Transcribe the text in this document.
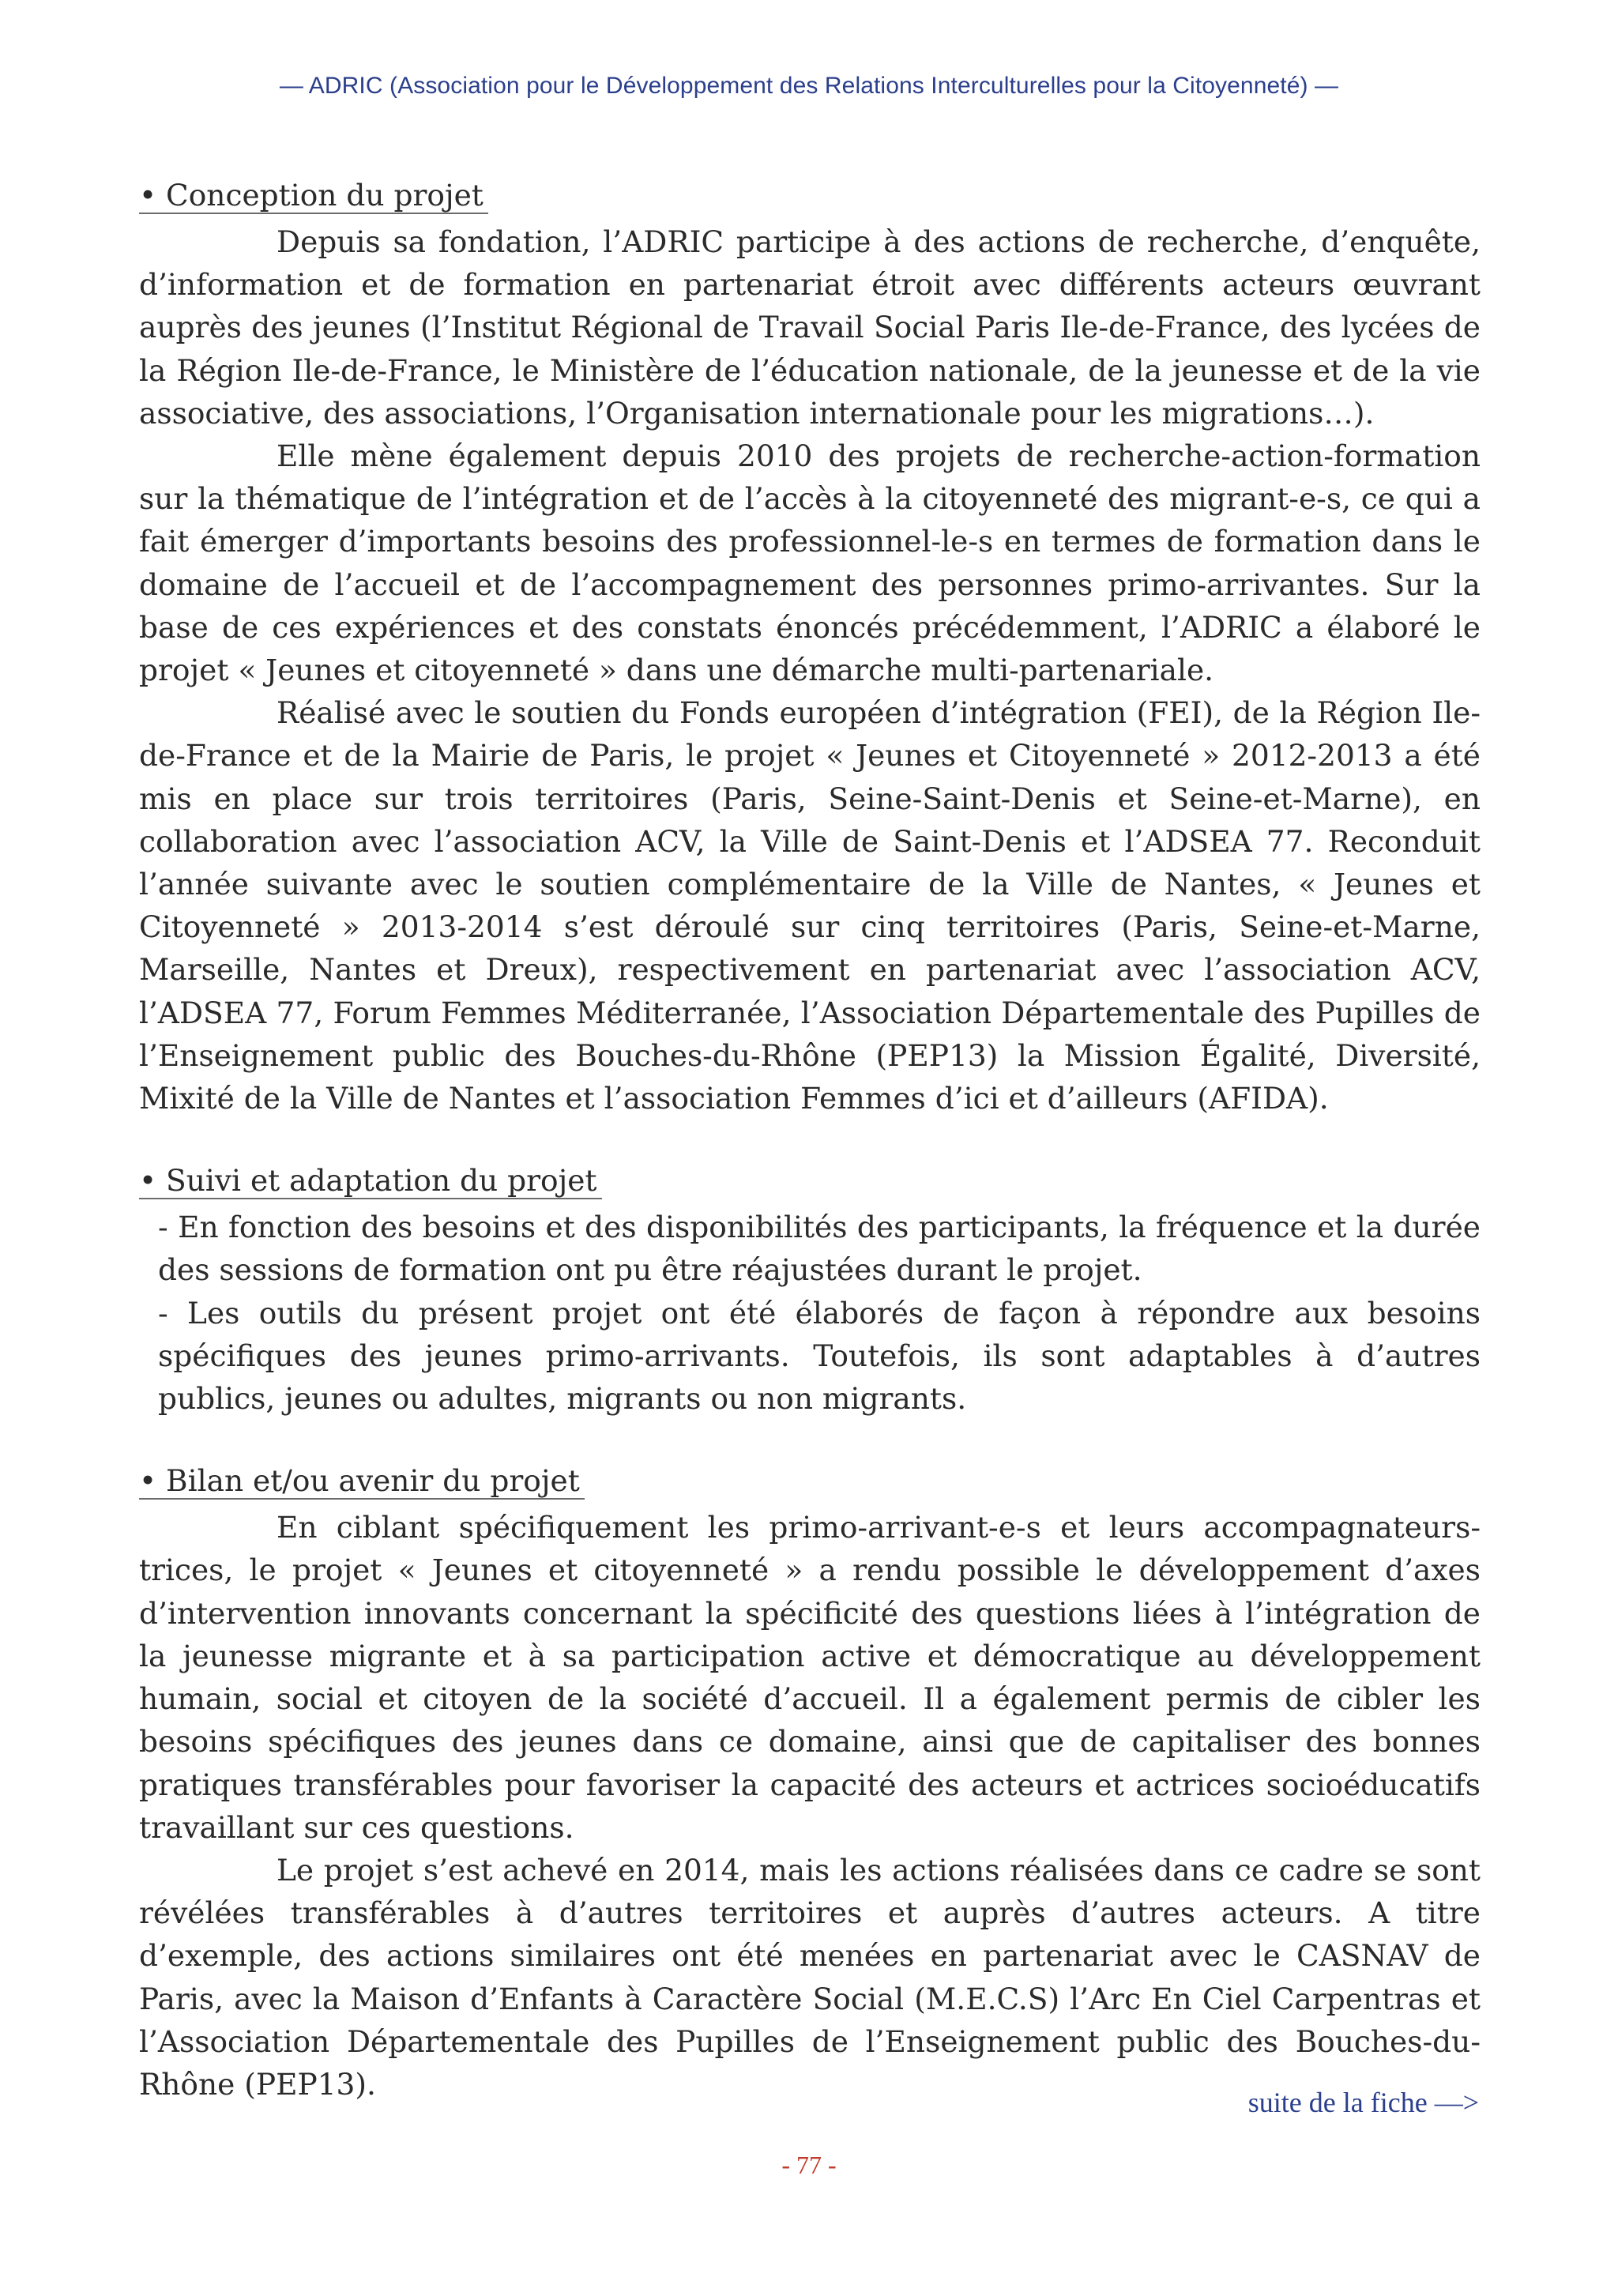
— ADRIC (Association pour le Développement des Relations Interculturelles pour la Citoyenneté) —
• Conception du projet

Depuis sa fondation, l’ADRIC participe à des actions de recherche, d’enquête, d’information et de formation en partenariat étroit avec différents acteurs œuvrant auprès des jeunes (l’Institut Régional de Travail Social Paris Ile-de-France, des lycées de la Région Ile-de-France, le Ministère de l’éducation nationale, de la jeunesse et de la vie associative, des associations, l’Organisation internationale pour les migrations…).

Elle mène également depuis 2010 des projets de recherche-action-formation sur la thématique de l’intégration et de l’accès à la citoyenneté des migrant-e-s, ce qui a fait émerger d’importants besoins des professionnel-le-s en termes de formation dans le domaine de l’accueil et de l’accompagnement des personnes primo-arrivantes. Sur la base de ces expériences et des constats énoncés précédemment, l’ADRIC a élaboré le projet « Jeunes et citoyenneté » dans une démarche multi-partenariale.

Réalisé avec le soutien du Fonds européen d’intégration (FEI), de la Région Ile-de-France et de la Mairie de Paris, le projet « Jeunes et Citoyenneté » 2012-2013 a été mis en place sur trois territoires (Paris, Seine-Saint-Denis et Seine-et-Marne), en collaboration avec l’association ACV, la Ville de Saint-Denis et l’ADSEA 77. Reconduit l’année suivante avec le soutien complémentaire de la Ville de Nantes, « Jeunes et Citoyenneté » 2013-2014 s’est déroulé sur cinq territoires (Paris, Seine-et-Marne, Marseille, Nantes et Dreux), respectivement en partenariat avec l’association ACV, l’ADSEA 77, Forum Femmes Méditerranée, l’Association Départementale des Pupilles de l’Enseignement public des Bouches-du-Rhône (PEP13) la Mission Égalité, Diversité, Mixité de la Ville de Nantes et l’association Femmes d’ici et d’ailleurs (AFIDA).

• Suivi et adaptation du projet

- En fonction des besoins et des disponibilités des participants, la fréquence et la durée des sessions de formation ont pu être réajustées durant le projet.

- Les outils du présent projet ont été élaborés de façon à répondre aux besoins spécifiques des jeunes primo-arrivants. Toutefois, ils sont adaptables à d’autres publics, jeunes ou adultes, migrants ou non migrants.

• Bilan et/ou avenir du projet

En ciblant spécifiquement les primo-arrivant-e-s et leurs accompagnateurs-trices, le projet « Jeunes et citoyenneté » a rendu possible le développement d’axes d’intervention innovants concernant la spécificité des questions liées à l’intégration de la jeunesse migrante et à sa participation active et démocratique au développement humain, social et citoyen de la société d’accueil. Il a également permis de cibler les besoins spécifiques des jeunes dans ce domaine, ainsi que de capitaliser des bonnes pratiques transférables pour favoriser la capacité des acteurs et actrices socioéducatifs travaillant sur ces questions.

Le projet s’est achevé en 2014, mais les actions réalisées dans ce cadre se sont révélées transférables à d’autres territoires et auprès d’autres acteurs. A titre d’exemple, des actions similaires ont été menées en partenariat avec le CASNAV de Paris, avec la Maison d’Enfants à Caractère Social (M.E.C.S) l’Arc En Ciel Carpentras et l’Association Départementale des Pupilles de l’Enseignement public des Bouches-du-Rhône (PEP13).

suite de la fiche —>
- 77 -
